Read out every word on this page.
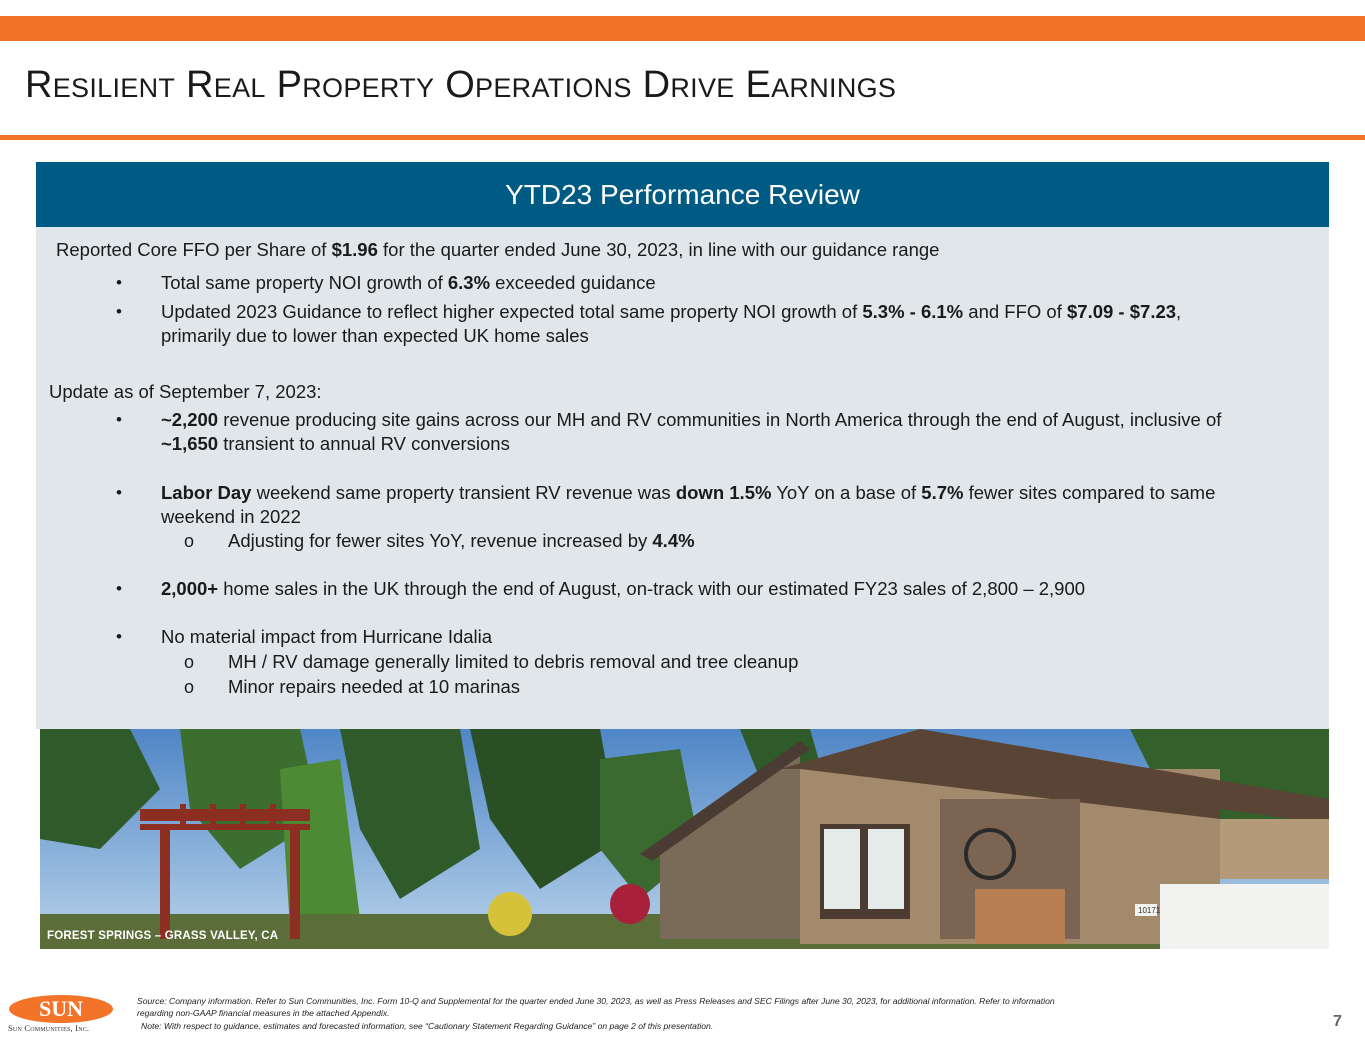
Resilient Real Property Operations Drive Earnings
YTD23 Performance Review
Reported Core FFO per Share of $1.96 for the quarter ended June 30, 2023, in line with our guidance range
• Total same property NOI growth of 6.3% exceeded guidance
• Updated 2023 Guidance to reflect higher expected total same property NOI growth of 5.3% - 6.1% and FFO of $7.09 - $7.23,
primarily due to lower than expected UK home sales
Update as of September 7, 2023:
• ~2,200 revenue producing site gains across our MH and RV communities in North America through the end of August, inclusive of
~1,650 transient to annual RV conversions
• Labor Day weekend same property transient RV revenue was down 1.5% YoY on a base of 5.7% fewer sites compared to same
weekend in 2022
o Adjusting for fewer sites YoY, revenue increased by 4.4%
• 2,000+ home sales in the UK through the end of August, on-track with our estimated FY23 sales of 2,800 – 2,900
• No material impact from Hurricane Idalia
o MH / RV damage generally limited to debris removal and tree cleanup
o Minor repairs needed at 10 marinas
10171
FOREST SPRINGS – GRASS VALLEY, CA
SUN
Sun Communities, Inc.
Source: Company information. Refer to Sun Communities, Inc. Form 10-Q and Supplemental for the quarter ended June 30, 2023, as well as Press Releases and SEC Filings after June 30, 2023, for additional information. Refer to information
regarding non-GAAP financial measures in the attached Appendix.
Note: With respect to guidance, estimates and forecasted information, see “Cautionary Statement Regarding Guidance” on page 2 of this presentation.	7
